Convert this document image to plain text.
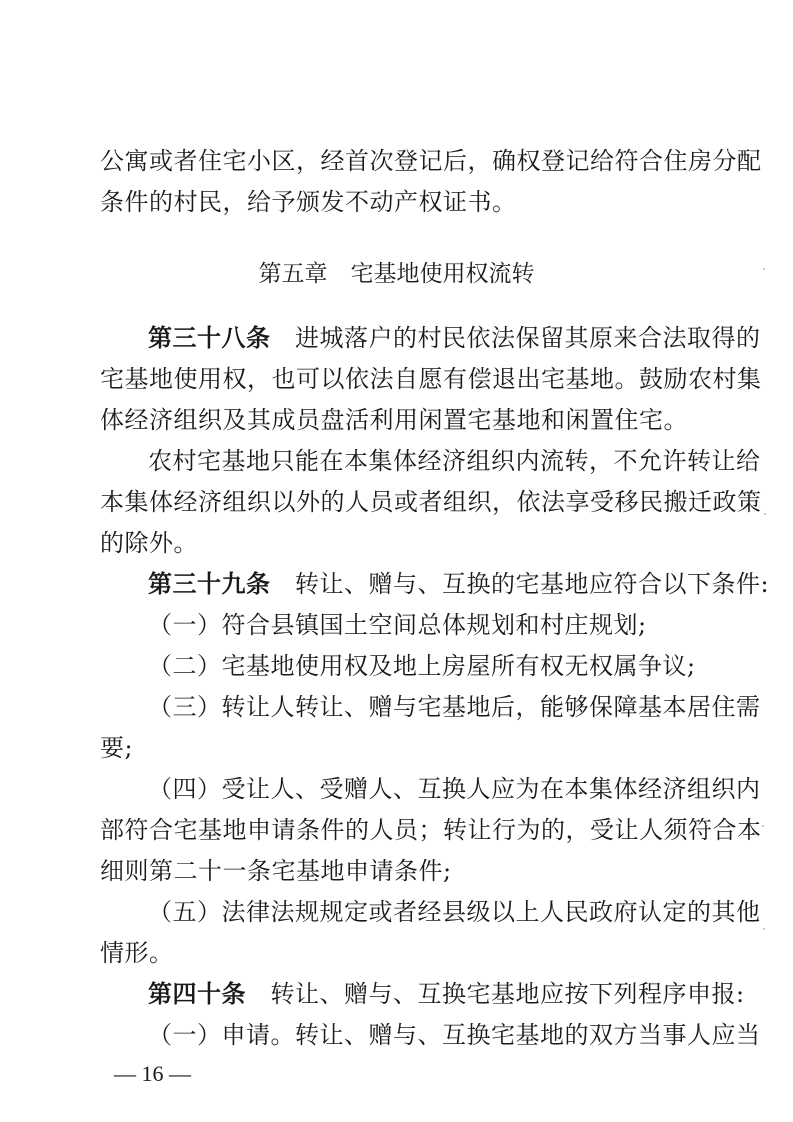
公寓或者住宅小区，经首次登记后，确权登记给符合住房分配
条件的村民，给予颁发不动产权证书。
第五章　宅基地使用权流转
第三十八条　进城落户的村民依法保留其原来合法取得的
宅基地使用权，也可以依法自愿有偿退出宅基地。鼓励农村集
体经济组织及其成员盘活利用闲置宅基地和闲置住宅。
农村宅基地只能在本集体经济组织内流转，不允许转让给
本集体经济组织以外的人员或者组织，依法享受移民搬迁政策
的除外。
第三十九条　转让、赠与、互换的宅基地应符合以下条件:
（一）符合县镇国土空间总体规划和村庄规划;
（二）宅基地使用权及地上房屋所有权无权属争议;
（三）转让人转让、赠与宅基地后，能够保障基本居住需
要;
（四）受让人、受赠人、互换人应为在本集体经济组织内
部符合宅基地申请条件的人员；转让行为的，受让人须符合本
细则第二十一条宅基地申请条件;
（五）法律法规规定或者经县级以上人民政府认定的其他
情形。
第四十条　转让、赠与、互换宅基地应按下列程序申报:
（一）申请。转让、赠与、互换宅基地的双方当事人应当
— 16 —
